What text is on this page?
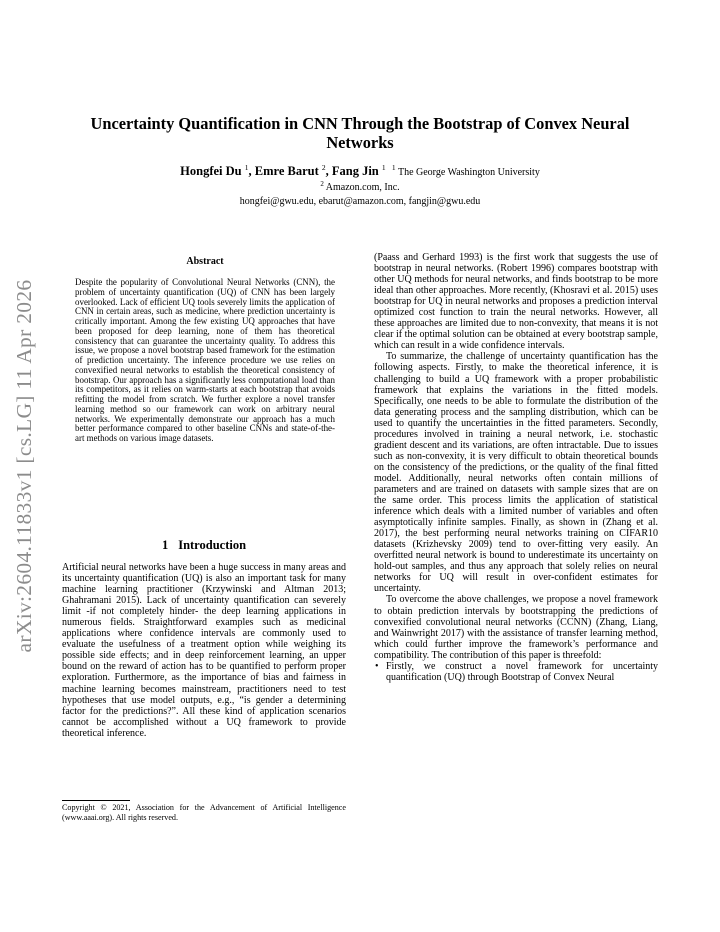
arXiv:2604.11833v1 [cs.LG] 11 Apr 2026
Uncertainty Quantification in CNN Through the Bootstrap of Convex Neural Networks
Hongfei Du $^1$, Emre Barut $^2$, Fang Jin $^1$ $^1$ The George Washington University
$^2$ Amazon.com, Inc.
hongfei@gwu.edu, ebarut@amazon.com, fangjin@gwu.edu
Abstract

Despite the popularity of Convolutional Neural Networks (CNN), the problem of uncertainty quantification (UQ) of CNN has been largely overlooked. Lack of efficient UQ tools severely limits the application of CNN in certain areas, such as medicine, where prediction uncertainty is critically important. Among the few existing UQ approaches that have been proposed for deep learning, none of them has theoretical consistency that can guarantee the uncertainty quality. To address this issue, we propose a novel bootstrap based framework for the estimation of prediction uncertainty. The inference procedure we use relies on convexified neural networks to establish the theoretical consistency of bootstrap. Our approach has a significantly less computational load than its competitors, as it relies on warm-starts at each bootstrap that avoids refitting the model from scratch. We further explore a novel transfer learning method so our framework can work on arbitrary neural networks. We experimentally demonstrate our approach has a much better performance compared to other baseline CNNs and state-of-the-art methods on various image datasets.

1 Introduction

Artificial neural networks have been a huge success in many areas and its uncertainty quantification (UQ) is also an important task for many machine learning practitioner (Krzywinski and Altman 2013; Ghahramani 2015). Lack of uncertainty quantification can severely limit -if not completely hinder- the deep learning applications in numerous fields. Straightforward examples such as medicinal applications where confidence intervals are commonly used to evaluate the usefulness of a treatment option while weighing its possible side effects; and in deep reinforcement learning, an upper bound on the reward of action has to be quantified to perform proper exploration. Furthermore, as the importance of bias and fairness in machine learning becomes mainstream, practitioners need to test hypotheses that use model outputs, e.g., “is gender a determining factor for the predictions?”. All these kind of application scenarios cannot be accomplished without a UQ framework to provide theoretical inference.

Copyright © 2021, Association for the Advancement of Artificial Intelligence (www.aaai.org). All rights reserved.

(Paass and Gerhard 1993) is the first work that suggests the use of bootstrap in neural networks. (Robert 1996) compares bootstrap with other UQ methods for neural networks, and finds bootstrap to be more ideal than other approaches. More recently, (Khosravi et al. 2015) uses bootstrap for UQ in neural networks and proposes a prediction interval optimized cost function to train the neural networks. However, all these approaches are limited due to non-convexity, that means it is not clear if the optimal solution can be obtained at every bootstrap sample, which can result in a wide confidence intervals.

To summarize, the challenge of uncertainty quantification has the following aspects. Firstly, to make the theoretical inference, it is challenging to build a UQ framework with a proper probabilistic framework that explains the variations in the fitted models. Specifically, one needs to be able to formulate the distribution of the data generating process and the sampling distribution, which can be used to quantify the uncertainties in the fitted parameters. Secondly, procedures involved in training a neural network, i.e. stochastic gradient descent and its variations, are often intractable. Due to issues such as non-convexity, it is very difficult to obtain theoretical bounds on the consistency of the predictions, or the quality of the final fitted model. Additionally, neural networks often contain millions of parameters and are trained on datasets with sample sizes that are on the same order. This process limits the application of statistical inference which deals with a limited number of variables and often asymptotically infinite samples. Finally, as shown in (Zhang et al. 2017), the best performing neural networks training on CIFAR10 datasets (Krizhevsky 2009) tend to over-fitting very easily. An overfitted neural network is bound to underestimate its uncertainty on hold-out samples, and thus any approach that solely relies on neural networks for UQ will result in over-confident estimates for uncertainty.

To overcome the above challenges, we propose a novel framework to obtain prediction intervals by bootstrapping the predictions of convexified convolutional neural networks (CCNN) (Zhang, Liang, and Wainwright 2017) with the assistance of transfer learning method, which could further improve the framework’s performance and compatibility. The contribution of this paper is threefold:

• Firstly, we construct a novel framework for uncertainty quantification (UQ) through Bootstrap of Convex Neural
